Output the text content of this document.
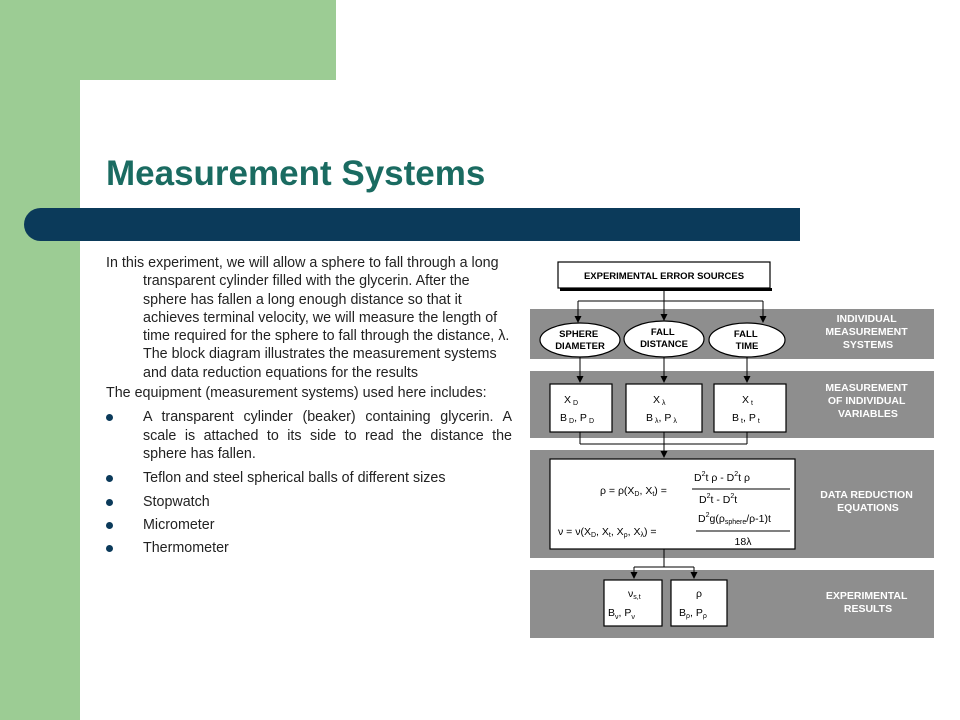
Measurement Systems

In this experiment, we will allow a sphere to fall through a long transparent cylinder filled with the glycerin. After the sphere has fallen a long enough distance so that it achieves terminal velocity, we will measure the length of time required for the sphere to fall through the distance, λ. The block diagram illustrates the measurement systems and data reduction equations for the results

The equipment (measurement systems) used here includes:

A transparent cylinder (beaker) containing glycerin. A scale is attached to its side to read the distance the sphere has fallen.
Teflon and steel spherical balls of different sizes
Stopwatch
Micrometer
Thermometer
INDIVIDUAL MEASUREMENT SYSTEMS
MEASUREMENT OF INDIVIDUAL VARIABLES
DATA REDUCTION EQUATIONS
EXPERIMENTAL RESULTS
EXPERIMENTAL ERROR SOURCES
SPHERE DIAMETER
FALL DISTANCE
FALL TIME
X D
B D, P D
Xλ
Bλ, P λ
Xt
Bt, P t
ρ = ρ(XD, Xt) =
$D^2t$ ρ - $D^2t$ ρ
$D^2t - D^2t$
ν = ν(XD, Xt, Xρ, Xλ) =
$D^2g(\rho sphere/\rho-1)t$
18λ
νs,t
$B_\nu$, $P_\nu$
ρ
Bρ, Pρ
